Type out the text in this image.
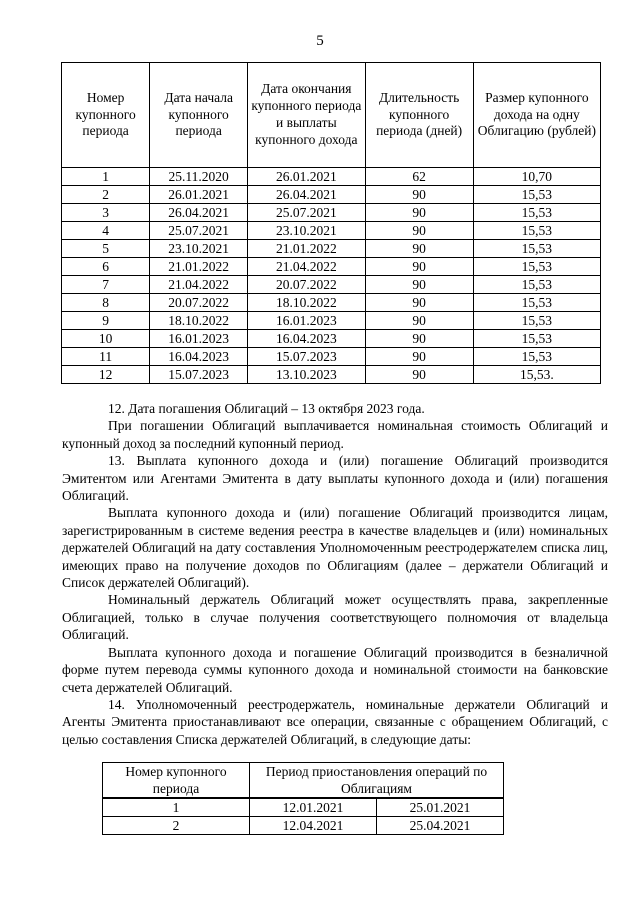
5
Номер купонного периода	Дата начала купонного периода	Дата окончания купонного периода и выплаты купонного дохода	Длительность купонного периода (дней)	Размер купонного дохода на одну Облигацию (рублей)
1	25.11.2020	26.01.2021	62	10,70
2	26.01.2021	26.04.2021	90	15,53
3	26.04.2021	25.07.2021	90	15,53
4	25.07.2021	23.10.2021	90	15,53
5	23.10.2021	21.01.2022	90	15,53
6	21.01.2022	21.04.2022	90	15,53
7	21.04.2022	20.07.2022	90	15,53
8	20.07.2022	18.10.2022	90	15,53
9	18.10.2022	16.01.2023	90	15,53
10	16.01.2023	16.04.2023	90	15,53
11	16.04.2023	15.07.2023	90	15,53
12	15.07.2023	13.10.2023	90	15,53.

12. Дата погашения Облигаций – 13 октября 2023 года.

При погашении Облигаций выплачивается номинальная стоимость Облигаций и купонный доход за последний купонный период.

13. Выплата купонного дохода и (или) погашение Облигаций производится Эмитентом или Агентами Эмитента в дату выплаты купонного дохода и (или) погашения Облигаций.

Выплата купонного дохода и (или) погашение Облигаций производится лицам, зарегистрированным в системе ведения реестра в качестве владельцев и (или) номинальных держателей Облигаций на дату составления Уполномоченным реестродержателем списка лиц, имеющих право на получение доходов по Облигациям (далее – держатели Облигаций и Список держателей Облигаций).

Номинальный держатель Облигаций может осуществлять права, закрепленные Облигацией, только в случае получения соответствующего полномочия от владельца Облигаций.

Выплата купонного дохода и погашение Облигаций производится в безналичной форме путем перевода суммы купонного дохода и номинальной стоимости на банковские счета держателей Облигаций.

14. Уполномоченный реестродержатель, номинальные держатели Облигаций и Агенты Эмитента приостанавливают все операции, связанные с обращением Облигаций, с целью составления Списка держателей Облигаций, в следующие даты:

Номер купонного периода	Период приостановления операций по Облигациям	
1	12.01.2021	25.01.2021
2	12.04.2021	25.04.2021
